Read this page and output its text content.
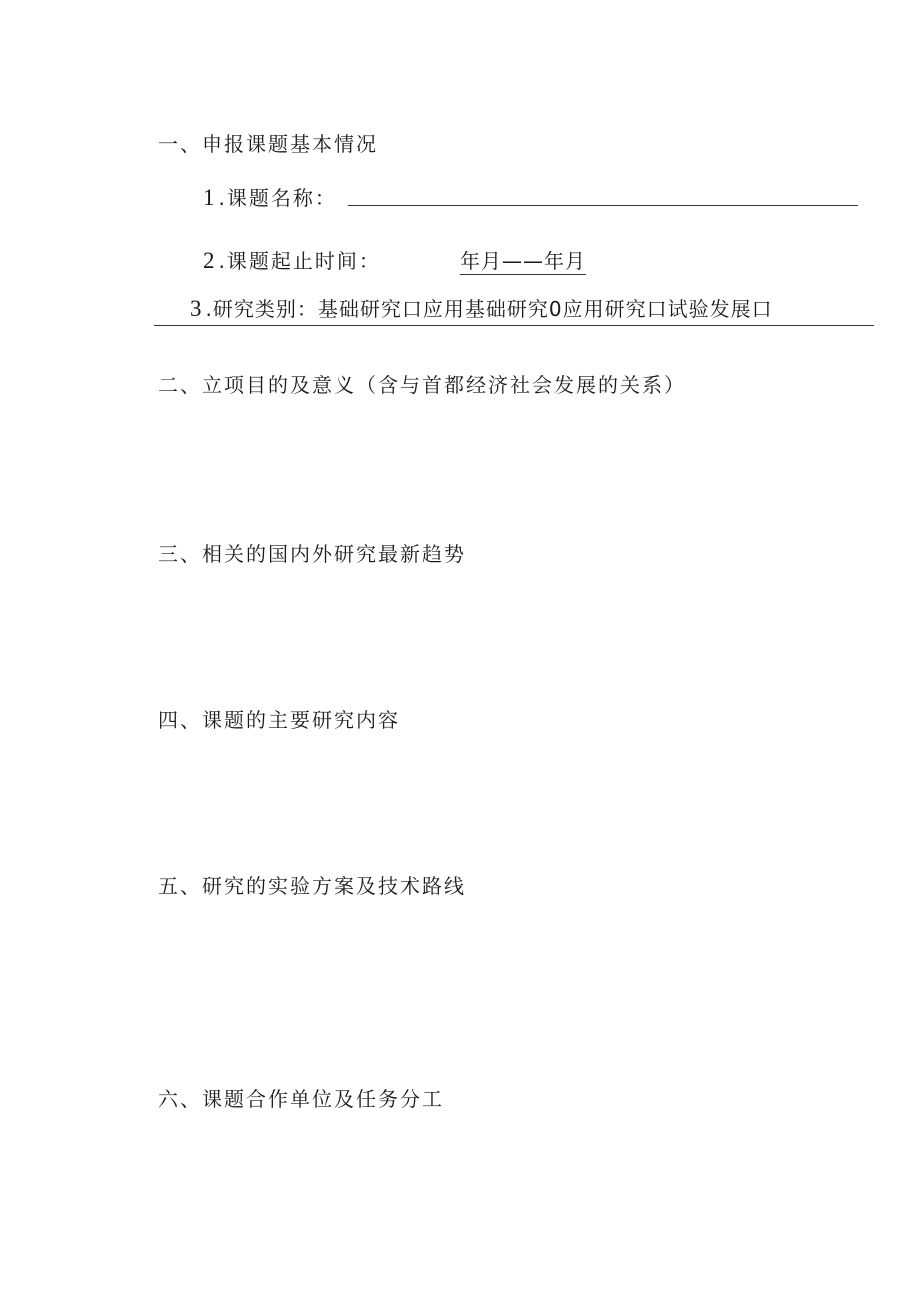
一、申报课题基本情况
1 .课题名称：
2 .课题起止时间：	年月——年月
3 .研究类别：基础研究口应用基础研究0应用研究口试验发展口
二、立项目的及意义（含与首都经济社会发展的关系）
三、相关的国内外研究最新趋势
四、课题的主要研究内容
五、研究的实验方案及技术路线
六、课题合作单位及任务分工
